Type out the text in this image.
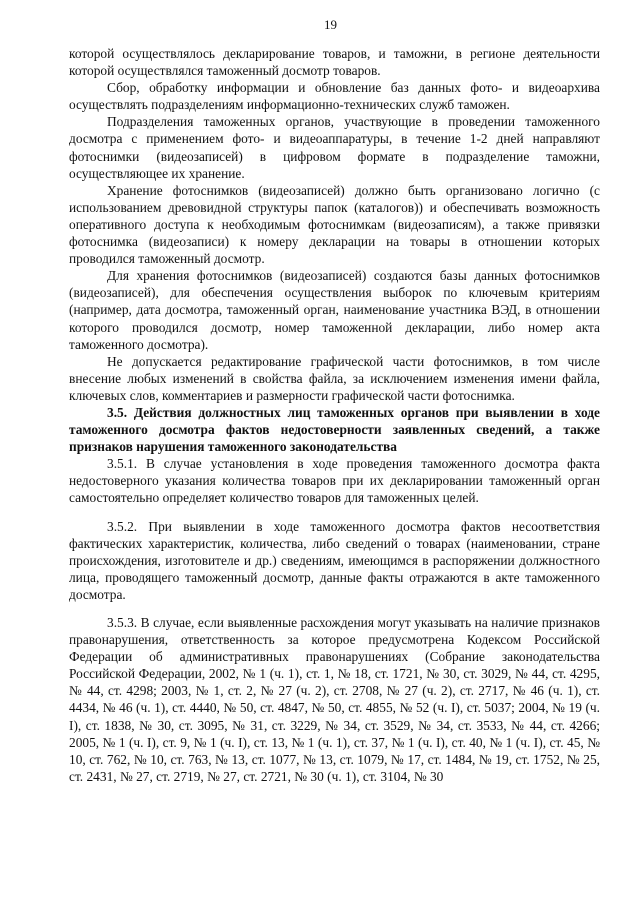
19

которой осуществлялось декларирование товаров, и таможни, в регионе деятельности которой осуществлялся таможенный досмотр товаров.

Сбор, обработку информации и обновление баз данных фото- и видеоархива осуществлять подразделениям информационно-технических служб таможен.

Подразделения таможенных органов, участвующие в проведении таможенного досмотра с применением фото- и видеоаппаратуры, в течение 1-2 дней направляют фотоснимки (видеозаписей) в цифровом формате в подразделение таможни, осуществляющее их хранение.

Хранение фотоснимков (видеозаписей) должно быть организовано логично (с использованием древовидной структуры папок (каталогов)) и обеспечивать возможность оперативного доступа к необходимым фотоснимкам (видеозаписям), а также привязки фотоснимка (видеозаписи) к номеру декларации на товары в отношении которых проводился таможенный досмотр.

Для хранения фотоснимков (видеозаписей) создаются базы данных фотоснимков (видеозаписей), для обеспечения осуществления выборок по ключевым критериям (например, дата досмотра, таможенный орган, наименование участника ВЭД, в отношении которого проводился досмотр, номер таможенной декларации, либо номер акта таможенного досмотра).

Не допускается редактирование графической части фотоснимков, в том числе внесение любых изменений в свойства файла, за исключением изменения имени файла, ключевых слов, комментариев и размерности графической части фотоснимка.

3.5. Действия должностных лиц таможенных органов при выявлении в ходе таможенного досмотра фактов недостоверности заявленных сведений, а также признаков нарушения таможенного законодательства

3.5.1. В случае установления в ходе проведения таможенного досмотра факта недостоверного указания количества товаров при их декларировании таможенный орган самостоятельно определяет количество товаров для таможенных целей.

3.5.2. При выявлении в ходе таможенного досмотра фактов несоответствия фактических характеристик, количества, либо сведений о товарах (наименовании, стране происхождения, изготовителе и др.) сведениям, имеющимся в распоряжении должностного лица, проводящего таможенный досмотр, данные факты отражаются в акте таможенного досмотра.

3.5.3. В случае, если выявленные расхождения могут указывать на наличие признаков правонарушения, ответственность за которое предусмотрена Кодексом Российской Федерации об административных правонарушениях (Собрание законодательства Российской Федерации, 2002, № 1 (ч. 1), ст. 1, № 18, ст. 1721, № 30, ст. 3029, № 44, ст. 4295, № 44, ст. 4298; 2003, № 1, ст. 2, № 27 (ч. 2), ст. 2708, № 27 (ч. 2), ст. 2717, № 46 (ч. 1), ст. 4434, № 46 (ч. 1), ст. 4440, № 50, ст. 4847, № 50, ст. 4855, № 52 (ч. I), ст. 5037; 2004, № 19 (ч. I), ст. 1838, № 30, ст. 3095, № 31, ст. 3229, № 34, ст. 3529, № 34, ст. 3533, № 44, ст. 4266; 2005, № 1 (ч. I), ст. 9, № 1 (ч. I), ст. 13, № 1 (ч. 1), ст. 37, № 1 (ч. I), ст. 40, № 1 (ч. I), ст. 45, № 10, ст. 762, № 10, ст. 763, № 13, ст. 1077, № 13, ст. 1079, № 17, ст. 1484, № 19, ст. 1752, № 25, ст. 2431, № 27, ст. 2719, № 27, ст. 2721, № 30 (ч. 1), ст. 3104, № 30
